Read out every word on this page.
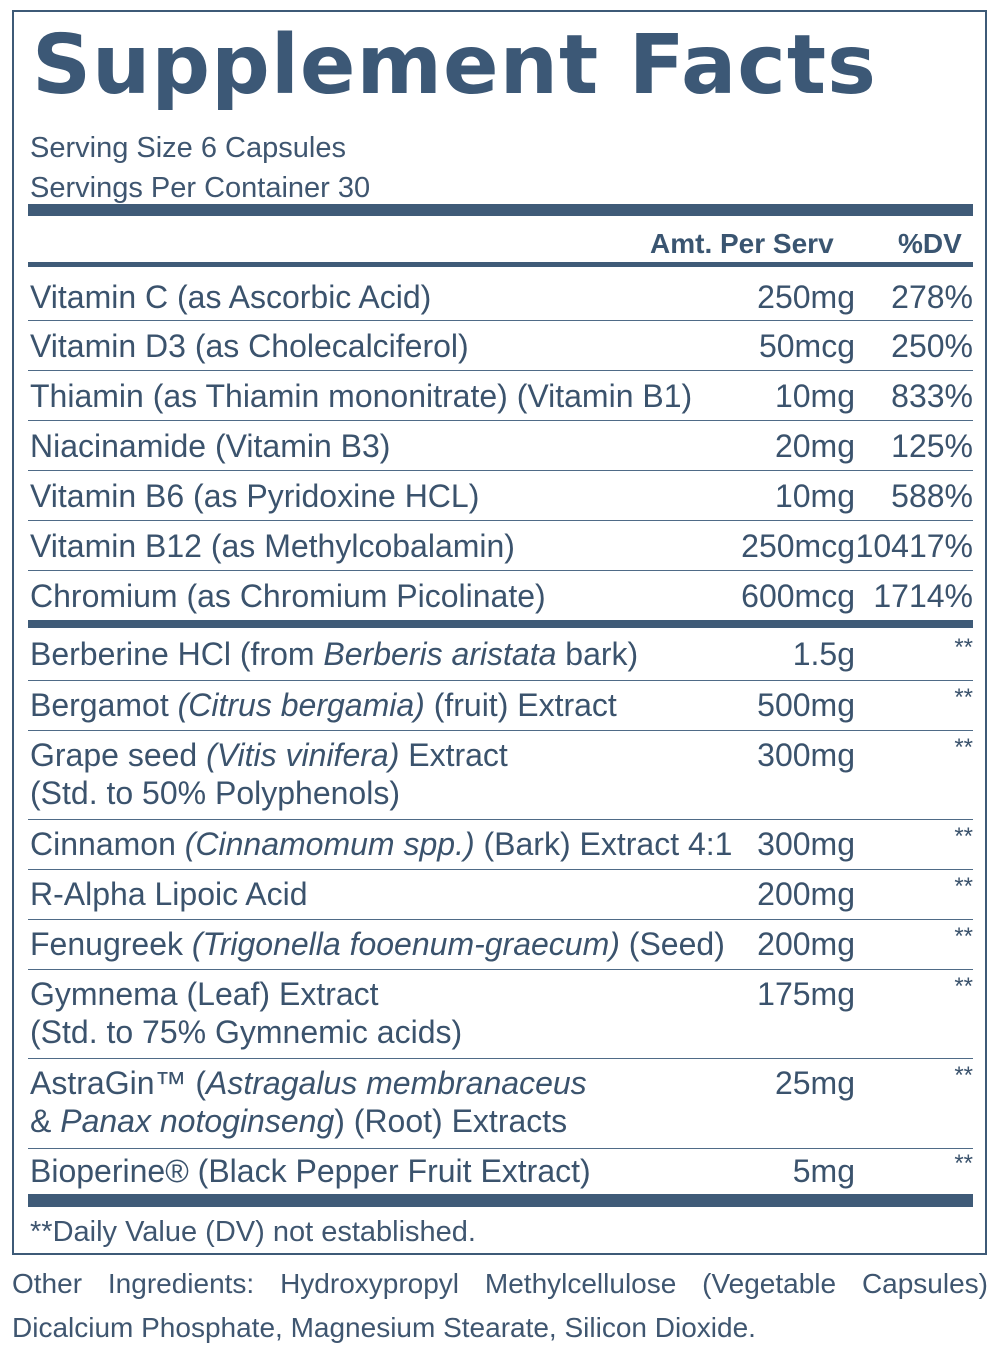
Supplement Facts
Serving Size 6 Capsules
Servings Per Container 30
Amt. Per Serv %DV
Vitamin C (as Ascorbic Acid)	250mg 278%
Vitamin D3 (as Cholecalciferol)	50mcg 250%
Thiamin (as Thiamin mononitrate) (Vitamin B1)	10mg 833%
Niacinamide (Vitamin B3)	20mg 125%
Vitamin B6 (as Pyridoxine HCL)	10mg 588%
Vitamin B12 (as Methylcobalamin)	250mcg 10417%
Chromium (as Chromium Picolinate)	600mcg 1714%
Berberine HCl (from Berberis aristata bark)	1.5g	**
Bergamot (Citrus bergamia) (fruit) Extract	500mg	**
Grape seed (Vitis vinifera) Extract
(Std. to 50% Polyphenols)
300mg	**
Cinnamon (Cinnamomum spp.) (Bark) Extract 4:1 300mg	**
R-Alpha Lipoic Acid	200mg	**
Fenugreek (Trigonella fooenum-graecum) (Seed)	200mg	**
Gymnema (Leaf) Extract
(Std. to 75% Gymnemic acids)
175mg	**
AstraGin™ (Astragalus membranaceus
& Panax notoginseng) (Root) Extracts
25mg	**
Bioperine® (Black Pepper Fruit Extract)	5mg	**
**Daily Value (DV) not established.
Other Ingredients: Hydroxypropyl Methylcellulose (Vegetable Capsules)
Dicalcium Phosphate, Magnesium Stearate, Silicon Dioxide.
